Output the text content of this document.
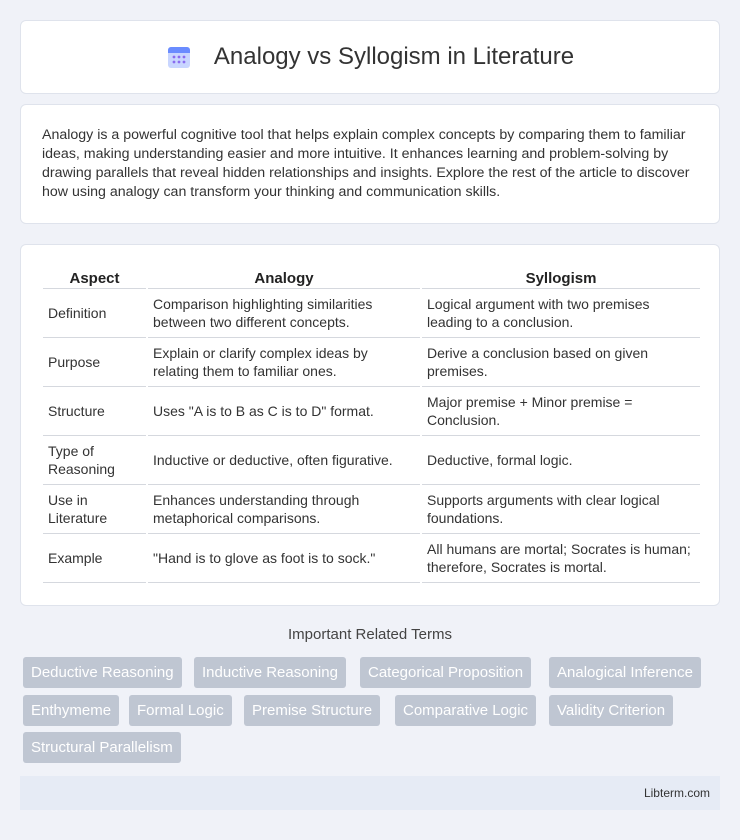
Analogy vs Syllogism in Literature

Analogy is a powerful cognitive tool that helps explain complex concepts by comparing them to familiar ideas, making understanding easier and more intuitive. It enhances learning and problem-solving by drawing parallels that reveal hidden relationships and insights. Explore the rest of the article to discover how using analogy can transform your thinking and communication skills.

Aspect	Analogy	Syllogism
Definition	Comparison highlighting similarities between two different concepts.	Logical argument with two premises leading to a conclusion.
Purpose	Explain or clarify complex ideas by relating them to familiar ones.	Derive a conclusion based on given premises.
Structure	Uses "A is to B as C is to D" format.	Major premise + Minor premise = Conclusion.
Type of Reasoning	Inductive or deductive, often figurative.	Deductive, formal logic.
Use in Literature	Enhances understanding through metaphorical comparisons.	Supports arguments with clear logical foundations.
Example	"Hand is to glove as foot is to sock."	All humans are mortal; Socrates is human; therefore, Socrates is mortal.
Important Related Terms
Deductive Reasoning	Inductive Reasoning	Categorical Proposition	Analogical Inference
Enthymeme	Formal Logic	Premise Structure	Comparative Logic	Validity Criterion
Structural Parallelism
Libterm.com
